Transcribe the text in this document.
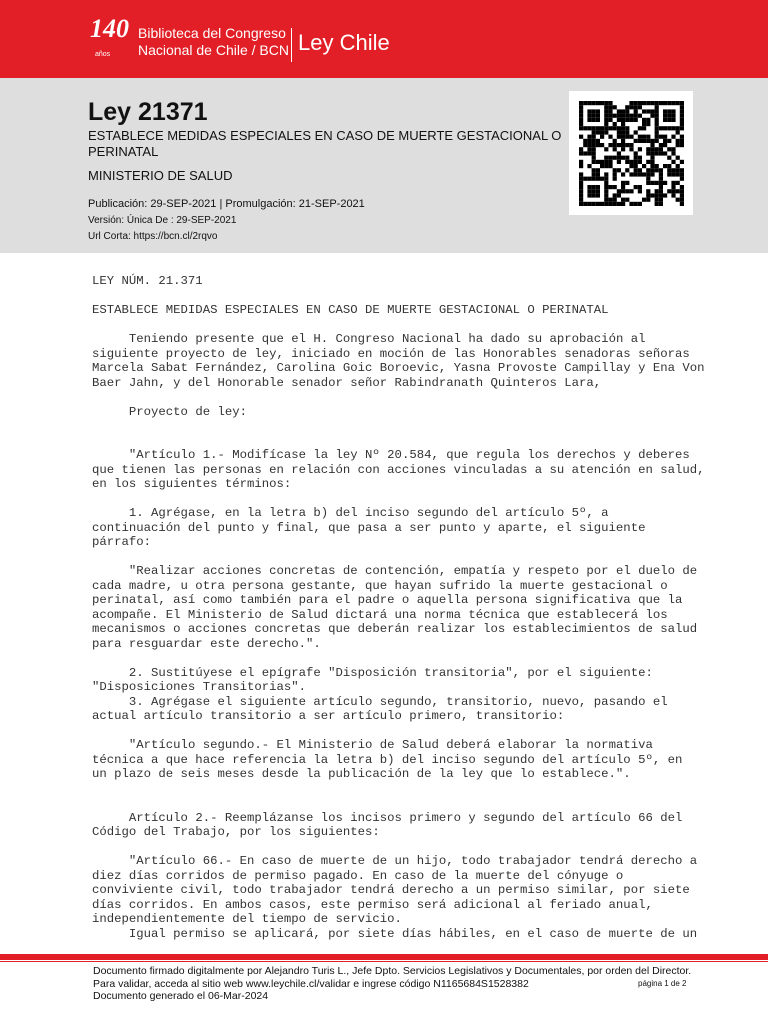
140
años
Biblioteca del Congreso
Nacional de Chile / BCN Ley Chile
Ley 21371
ESTABLECE MEDIDAS ESPECIALES EN CASO DE MUERTE GESTACIONAL O PERINATAL
MINISTERIO DE SALUD
Publicación: 29-SEP-2021 | Promulgación: 21-SEP-2021
Versión: Única De : 29-SEP-2021
Url Corta: https://bcn.cl/2rqvo

LEY NÚM. 21.371

ESTABLECE MEDIDAS ESPECIALES EN CASO DE MUERTE GESTACIONAL O PERINATAL

Teniendo presente que el H. Congreso Nacional ha dado su aprobación al
siguiente proyecto de ley, iniciado en moción de las Honorables senadoras señoras
Marcela Sabat Fernández, Carolina Goic Boroevic, Yasna Provoste Campillay y Ena Von
Baer Jahn, y del Honorable senador señor Rabindranath Quinteros Lara,

Proyecto de ley:

"Artículo 1.- Modifícase la ley Nº 20.584, que regula los derechos y deberes
que tienen las personas en relación con acciones vinculadas a su atención en salud,
en los siguientes términos:

1. Agrégase, en la letra b) del inciso segundo del artículo 5º, a
continuación del punto y final, que pasa a ser punto y aparte, el siguiente
párrafo:

"Realizar acciones concretas de contención, empatía y respeto por el duelo de
cada madre, u otra persona gestante, que hayan sufrido la muerte gestacional o
perinatal, así como también para el padre o aquella persona significativa que la
acompañe. El Ministerio de Salud dictará una norma técnica que establecerá los
mecanismos o acciones concretas que deberán realizar los establecimientos de salud
para resguardar este derecho.".

2. Sustitúyese el epígrafe "Disposición transitoria", por el siguiente:
"Disposiciones Transitorias".

3. Agrégase el siguiente artículo segundo, transitorio, nuevo, pasando el
actual artículo transitorio a ser artículo primero, transitorio:

"Artículo segundo.- El Ministerio de Salud deberá elaborar la normativa
técnica a que hace referencia la letra b) del inciso segundo del artículo 5º, en
un plazo de seis meses desde la publicación de la ley que lo establece.".

Artículo 2.- Reemplázanse los incisos primero y segundo del artículo 66 del
Código del Trabajo, por los siguientes:

"Artículo 66.- En caso de muerte de un hijo, todo trabajador tendrá derecho a
diez días corridos de permiso pagado. En caso de la muerte del cónyuge o
conviviente civil, todo trabajador tendrá derecho a un permiso similar, por siete
días corridos. En ambos casos, este permiso será adicional al feriado anual,
independientemente del tiempo de servicio.

Igual permiso se aplicará, por siete días hábiles, en el caso de muerte de un

Documento firmado digitalmente por Alejandro Turis L., Jefe Dpto. Servicios Legislativos y Documentales, por orden del Director.
Para validar, acceda al sitio web www.leychile.cl/validar e ingrese código N1165684S1528382
Documento generado el 06-Mar-2024
página 1 de 2
